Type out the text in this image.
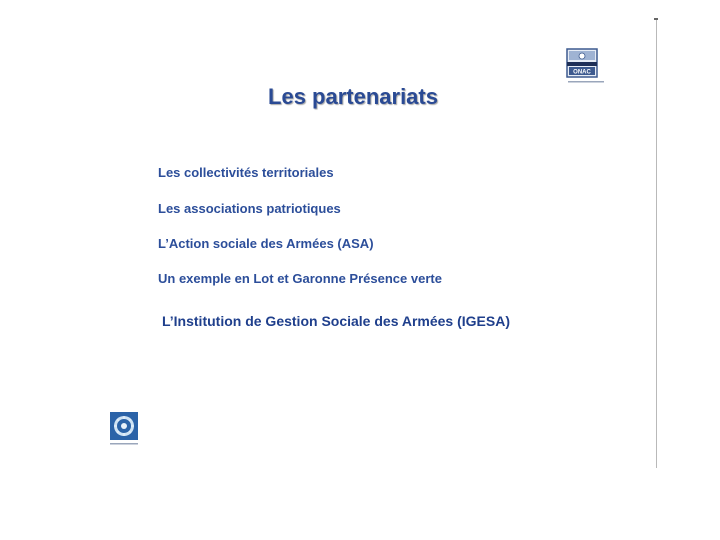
ONAC
Les partenariats
Les collectivités territoriales
Les associations patriotiques
L’Action sociale des Armées (ASA)
Un exemple en Lot et Garonne Présence verte
L’Institution de Gestion Sociale des Armées (IGESA)
